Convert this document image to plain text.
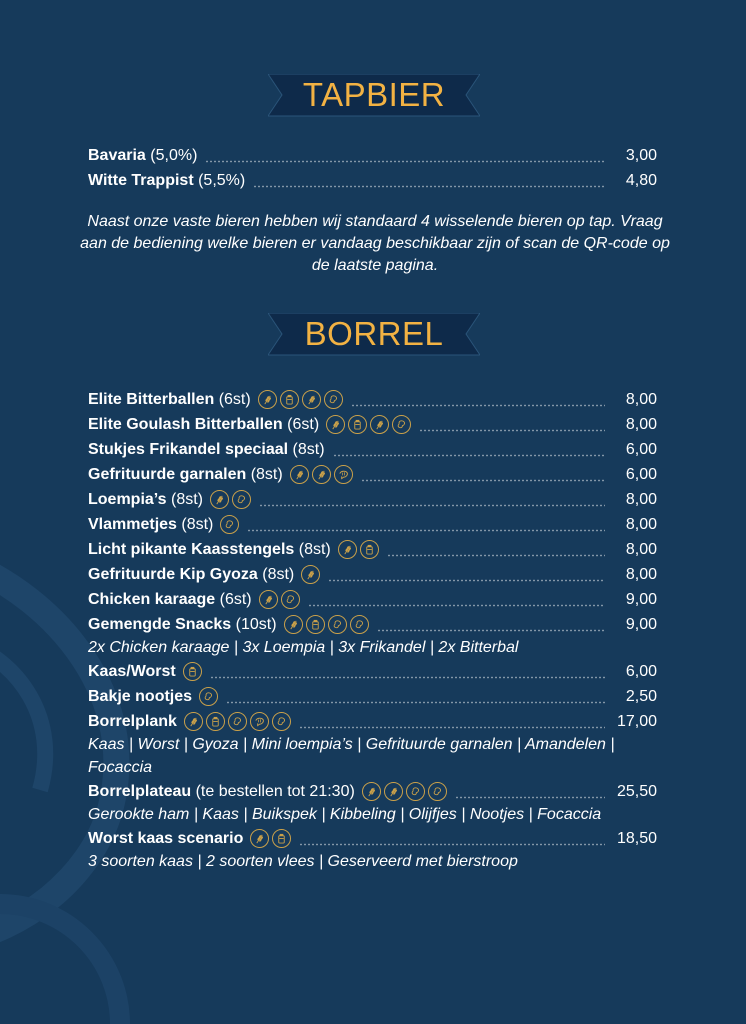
TAPBIER
Bavaria (5,0%)	3,00
Witte Trappist (5,5%)	4,80
Naast onze vaste bieren hebben wij standaard 4 wisselende bieren op tap. Vraag aan de bediening welke bieren er vandaag beschikbaar zijn of scan de QR-code op de laatste pagina.
BORREL
Elite Bitterballen (6st)	8,00
Elite Goulash Bitterballen (6st)	8,00
Stukjes Frikandel speciaal (8st)	6,00
Gefrituurde garnalen (8st)	6,00
Loempia’s (8st)	8,00
Vlammetjes (8st)	8,00
Licht pikante Kaasstengels (8st)	8,00
Gefrituurde Kip Gyoza (8st)	8,00
Chicken karaage (6st)	9,00
Gemengde Snacks (10st)	9,00
2x Chicken karaage | 3x Loempia | 3x Frikandel | 2x Bitterbal
Kaas/Worst	6,00
Bakje nootjes	2,50
Borrelplank	17,00
Kaas | Worst | Gyoza | Mini loempia’s | Gefrituurde garnalen | Amandelen | Focaccia
Borrelplateau (te bestellen tot 21:30)	25,50
Gerookte ham | Kaas | Buikspek | Kibbeling | Olijfjes | Nootjes | Focaccia
Worst kaas scenario	18,50
3 soorten kaas | 2 soorten vlees | Geserveerd met bierstroop
